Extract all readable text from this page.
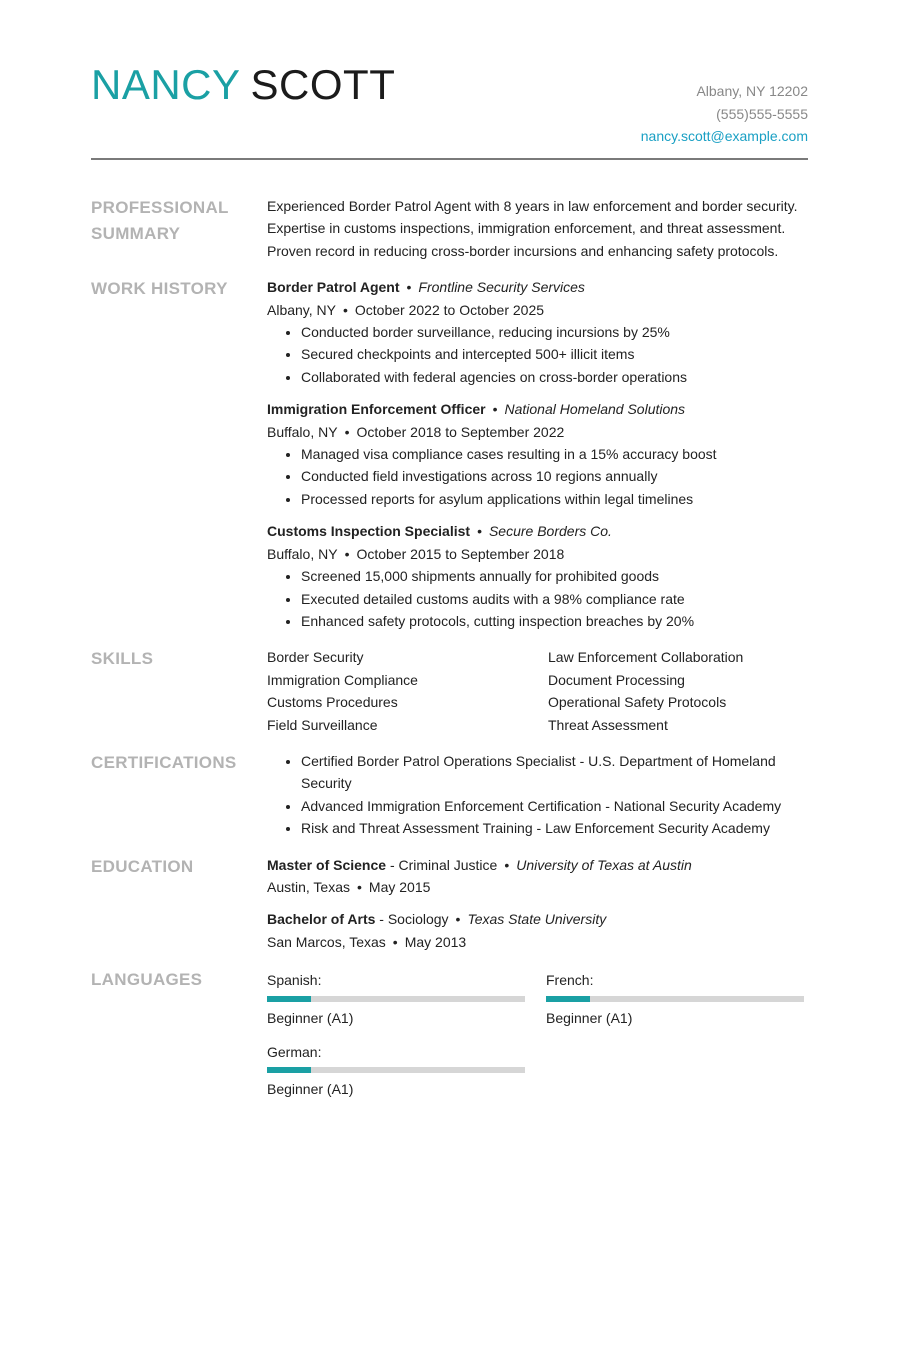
NANCY SCOTT	Albany, NY 12202
(555)555-5555
nancy.scott@example.com
PROFESSIONAL SUMMARY

Experienced Border Patrol Agent with 8 years in law enforcement and border security. Expertise in customs inspections, immigration enforcement, and threat assessment. Proven record in reducing cross-border incursions and enhancing safety protocols.

WORK HISTORY	Border Patrol Agent • Frontline Security Services
Albany, NY • October 2022 to October 2025
• Conducted border surveillance, reducing incursions by 25%
• Secured checkpoints and intercepted 500+ illicit items
• Collaborated with federal agencies on cross-border operations
Immigration Enforcement Officer • National Homeland Solutions
Buffalo, NY • October 2018 to September 2022
• Managed visa compliance cases resulting in a 15% accuracy boost
• Conducted field investigations across 10 regions annually
• Processed reports for asylum applications within legal timelines
Customs Inspection Specialist • Secure Borders Co.
Buffalo, NY • October 2015 to September 2018
• Screened 15,000 shipments annually for prohibited goods
• Executed detailed customs audits with a 98% compliance rate
• Enhanced safety protocols, cutting inspection breaches by 20%
SKILLS	Border Security	Law Enforcement Collaboration
Immigration Compliance	Document Processing
Customs Procedures	Operational Safety Protocols
Field Surveillance	Threat Assessment
CERTIFICATIONS
•	Certified Border Patrol Operations Specialist - U.S. Department of Homeland Security
• Advanced Immigration Enforcement Certification - National Security Academy
• Risk and Threat Assessment Training - Law Enforcement Security Academy
EDUCATION	Master of Science - Criminal Justice • University of Texas at Austin
Austin, Texas • May 2015
Bachelor of Arts - Sociology • Texas State University
San Marcos, Texas • May 2013
LANGUAGES	Spanish:
Beginner (A1)
French:
Beginner (A1)
German:
Beginner (A1)
